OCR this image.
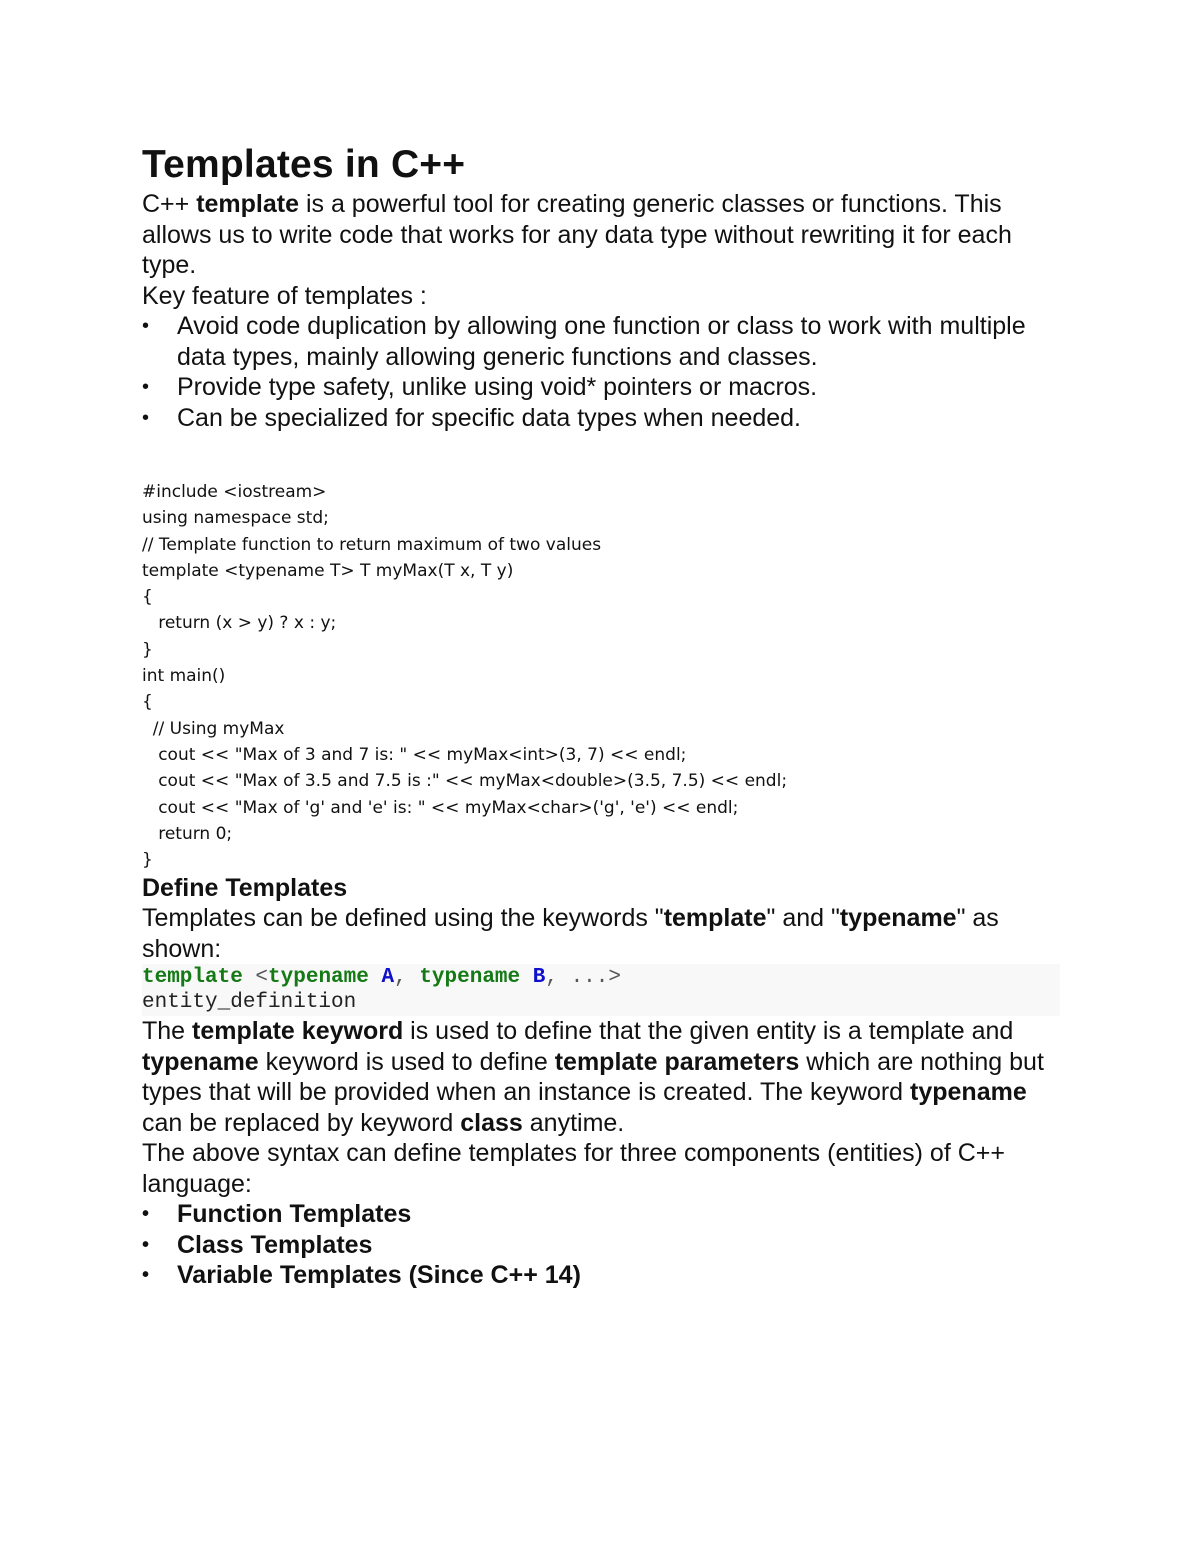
Templates in C++

C++ template is a powerful tool for creating generic classes or functions. This allows us to write code that works for any data type without rewriting it for each type.

Key feature of templates :

• Avoid code duplication by allowing one function or class to work with multiple data types, mainly allowing generic functions and classes.
• Provide type safety, unlike using void* pointers or macros.
• Can be specialized for specific data types when needed.
#include <iostream>
using namespace std;
// Template function to return maximum of two values
template <typename T> T myMax(T x, T y)
{
return (x > y) ? x : y;
}
int main()
{
// Using myMax
cout << "Max of 3 and 7 is: " << myMax<int>(3, 7) << endl;
cout << "Max of 3.5 and 7.5 is :" << myMax<double>(3.5, 7.5) << endl;
cout << "Max of 'g' and 'e' is: " << myMax<char>('g', 'e') << endl;
return 0;
}
Define Templates

Templates can be defined using the keywords "template" and "typename" as shown:

template <typename A, typename B, ...>
entity_definition

The template keyword is used to define that the given entity is a template and typename keyword is used to define template parameters which are nothing but types that will be provided when an instance is created. The keyword typename can be replaced by keyword class anytime.

The above syntax can define templates for three components (entities) of C++ language:

• Function Templates
• Class Templates
• Variable Templates (Since C++ 14)
